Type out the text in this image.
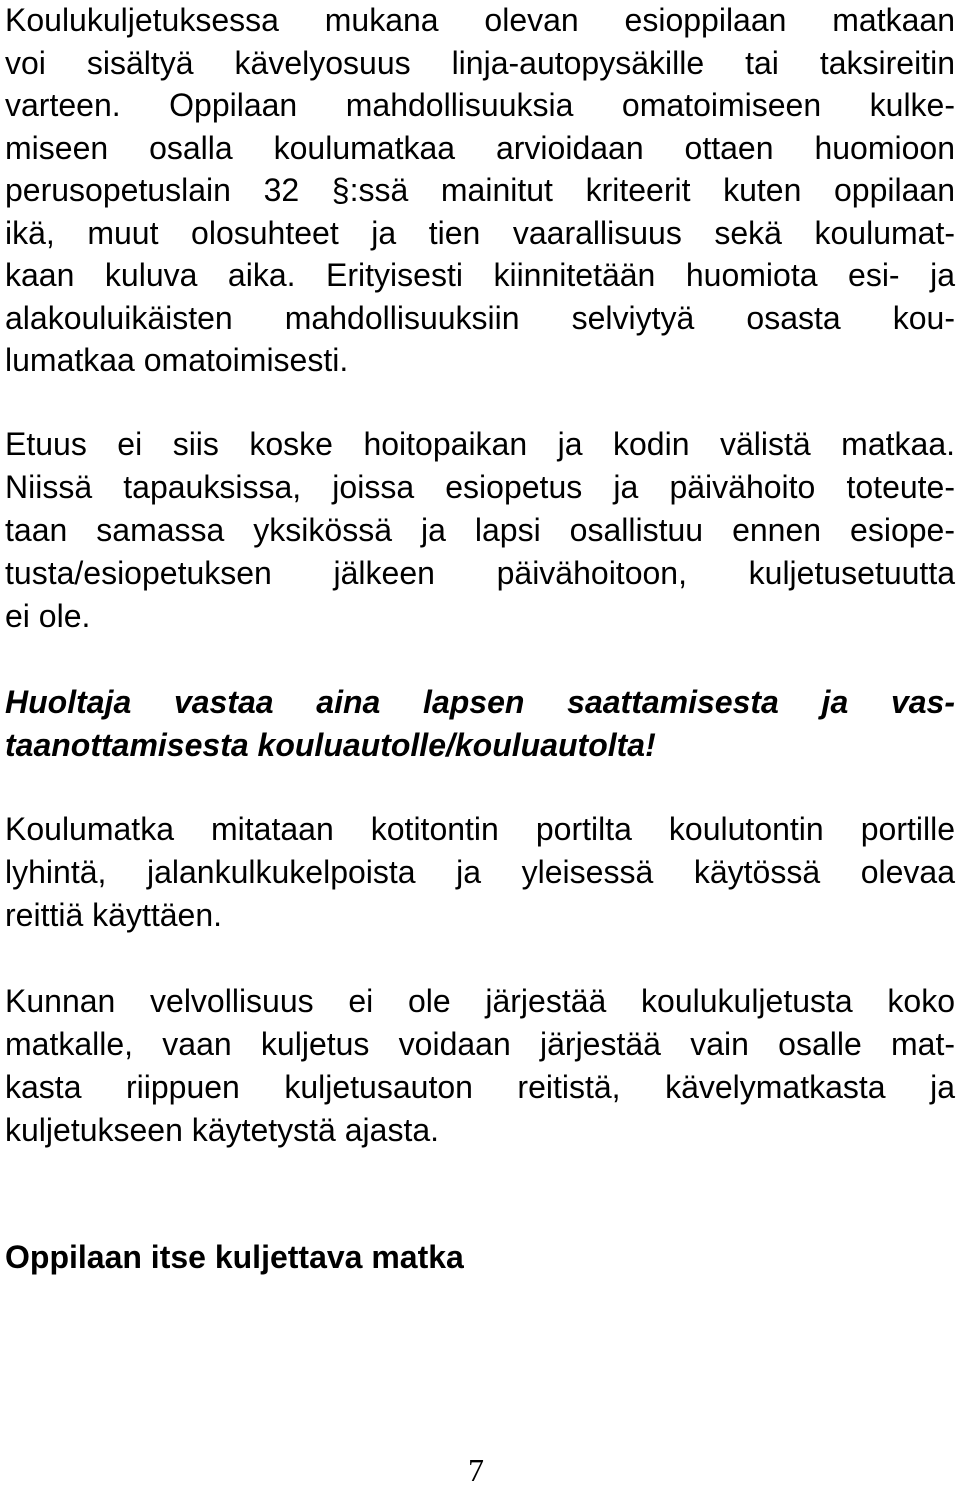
Koulukuljetuksessa mukana olevan esioppilaan matkaan
voi sisältyä kävelyosuus linja-autopysäkille tai taksireitin
varteen. Oppilaan mahdollisuuksia omatoimiseen kulke-
miseen osalla koulumatkaa arvioidaan ottaen huomioon
perusopetuslain 32 §:ssä mainitut kriteerit kuten oppilaan
ikä, muut olosuhteet ja tien vaarallisuus sekä koulumat-
kaan kuluva aika. Erityisesti kiinnitetään huomiota esi- ja
alakouluikäisten mahdollisuuksiin selviytyä osasta kou-
lumatkaa omatoimisesti.
Etuus ei siis koske hoitopaikan ja kodin välistä matkaa.
Niissä tapauksissa, joissa esiopetus ja päivähoito toteute-
taan samassa yksikössä ja lapsi osallistuu ennen esiope-
tusta/esiopetuksen jälkeen päivähoitoon, kuljetusetuutta
ei ole.
Huoltaja vastaa aina lapsen saattamisesta ja vas-
taanottamisesta kouluautolle/kouluautolta!
Koulumatka mitataan kotitontin portilta koulutontin portille
lyhintä, jalankulkukelpoista ja yleisessä käytössä olevaa
reittiä käyttäen.
Kunnan velvollisuus ei ole järjestää koulukuljetusta koko
matkalle, vaan kuljetus voidaan järjestää vain osalle mat-
kasta riippuen kuljetusauton reitistä, kävelymatkasta ja
kuljetukseen käytetystä ajasta.
Oppilaan itse kuljettava matka
7
